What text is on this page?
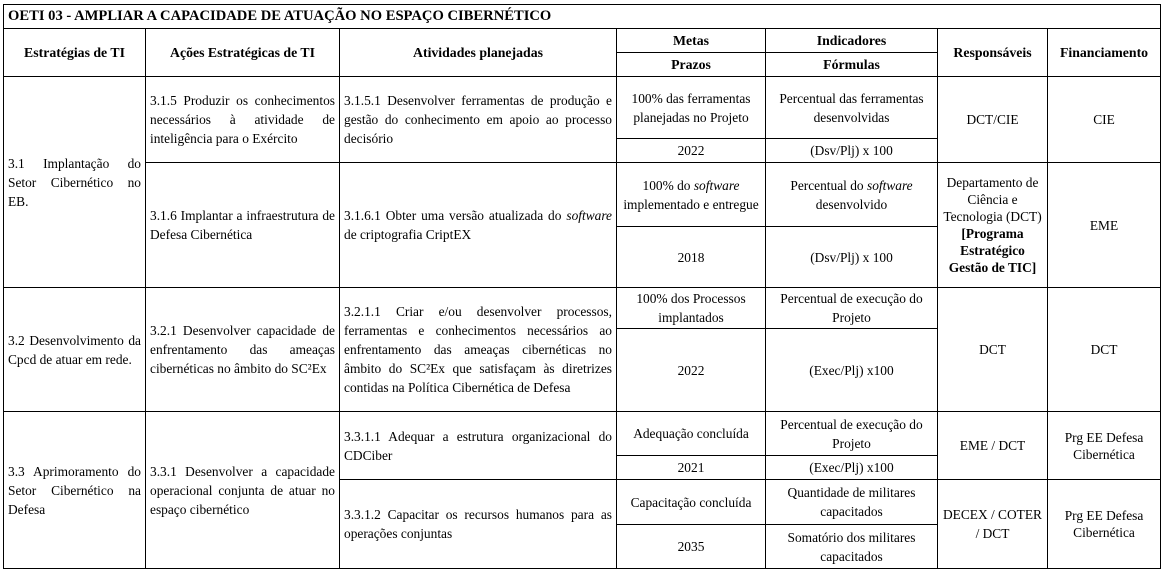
OETI 03 - AMPLIAR A CAPACIDADE DE ATUAÇÃO NO ESPAÇO CIBERNÉTICO						
Estratégias de TI	Ações Estratégicas de TI	Atividades planejadas	Metas	Indicadores	Responsáveis	Financiamento
			Prazos	Fórmulas		
3.1 Implantação do Setor Cibernético no EB.	3.1.5 Produzir os conhecimentos necessários à atividade de inteligência para o Exército	3.1.5.1 Desenvolver ferramentas de produção e gestão do conhecimento em apoio ao processo decisório	100% das ferramentas planejadas no Projeto	Percentual das ferramentas desenvolvidas	DCT/CIE	CIE
			2022	(Dsv/Plj) x 100		
	3.1.6 Implantar a infraestrutura de Defesa Cibernética	3.1.6.1 Obter uma versão atualizada do software de criptografia CriptEX	100% do software implementado e entregue	Percentual do software desenvolvido	Departamento de Ciência e Tecnologia (DCT)
[Programa Estratégico Gestão de TIC]	EME
			2018	(Dsv/Plj) x 100		
3.2 Desenvolvimento da Cpcd de atuar em rede.	3.2.1 Desenvolver capacidade de enfrentamento das ameaças cibernéticas no âmbito do SC²Ex	3.2.1.1 Criar e/ou desenvolver processos, ferramentas e conhecimentos necessários ao enfrentamento das ameaças cibernéticas no âmbito do SC²Ex que satisfaçam às diretrizes contidas na Política Cibernética de Defesa	100% dos Processos implantados	Percentual de execução do Projeto	DCT	DCT
			2022	(Exec/Plj) x100		
3.3 Aprimoramento do Setor Cibernético na Defesa	3.3.1 Desenvolver a capacidade operacional conjunta de atuar no espaço cibernético	3.3.1.1 Adequar a estrutura organizacional do CDCiber	Adequação concluída	Percentual de execução do Projeto	EME / DCT	Prg EE Defesa Cibernética
			2021	(Exec/Plj) x100		
		3.3.1.2 Capacitar os recursos humanos para as operações conjuntas	Capacitação concluída	Quantidade de militares capacitados	DECEX / COTER / DCT	Prg EE Defesa Cibernética
			2035	Somatório dos militares capacitados		
